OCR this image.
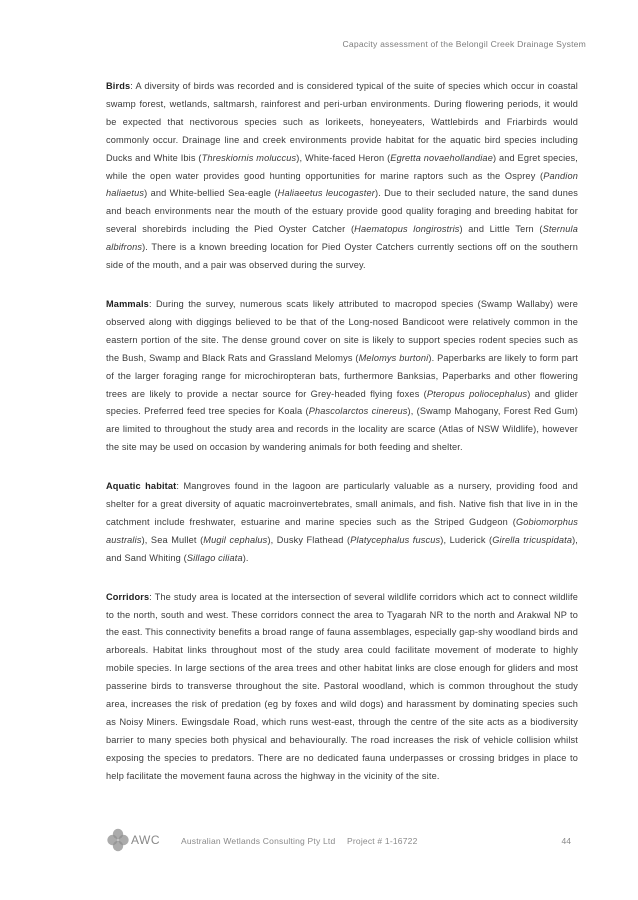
Capacity assessment of the Belongil Creek Drainage System

Birds: A diversity of birds was recorded and is considered typical of the suite of species which occur in coastal swamp forest, wetlands, saltmarsh, rainforest and peri-urban environments. During flowering periods, it would be expected that nectivorous species such as lorikeets, honeyeaters, Wattlebirds and Friarbirds would commonly occur. Drainage line and creek environments provide habitat for the aquatic bird species including Ducks and White Ibis (Threskiornis moluccus), White-faced Heron (Egretta novaehollandiae) and Egret species, while the open water provides good hunting opportunities for marine raptors such as the Osprey (Pandion haliaetus) and White-bellied Sea-eagle (Haliaeetus leucogaster). Due to their secluded nature, the sand dunes and beach environments near the mouth of the estuary provide good quality foraging and breeding habitat for several shorebirds including the Pied Oyster Catcher (Haematopus longirostris) and Little Tern (Sternula albifrons). There is a known breeding location for Pied Oyster Catchers currently sections off on the southern side of the mouth, and a pair was observed during the survey.

Mammals: During the survey, numerous scats likely attributed to macropod species (Swamp Wallaby) were observed along with diggings believed to be that of the Long-nosed Bandicoot were relatively common in the eastern portion of the site. The dense ground cover on site is likely to support species rodent species such as the Bush, Swamp and Black Rats and Grassland Melomys (Melomys burtoni). Paperbarks are likely to form part of the larger foraging range for microchiropteran bats, furthermore Banksias, Paperbarks and other flowering trees are likely to provide a nectar source for Grey-headed flying foxes (Pteropus poliocephalus) and glider species. Preferred feed tree species for Koala (Phascolarctos cinereus), (Swamp Mahogany, Forest Red Gum) are limited to throughout the study area and records in the locality are scarce (Atlas of NSW Wildlife), however the site may be used on occasion by wandering animals for both feeding and shelter.

Aquatic habitat: Mangroves found in the lagoon are particularly valuable as a nursery, providing food and shelter for a great diversity of aquatic macroinvertebrates, small animals, and fish. Native fish that live in in the catchment include freshwater, estuarine and marine species such as the Striped Gudgeon (Gobiomorphus australis), Sea Mullet (Mugil cephalus), Dusky Flathead (Platycephalus fuscus), Luderick (Girella tricuspidata), and Sand Whiting (Sillago ciliata).

Corridors: The study area is located at the intersection of several wildlife corridors which act to connect wildlife to the north, south and west. These corridors connect the area to Tyagarah NR to the north and Arakwal NP to the east. This connectivity benefits a broad range of fauna assemblages, especially gap-shy woodland birds and arboreals. Habitat links throughout most of the study area could facilitate movement of moderate to highly mobile species. In large sections of the area trees and other habitat links are close enough for gliders and most passerine birds to transverse throughout the site. Pastoral woodland, which is common throughout the study area, increases the risk of predation (eg by foxes and wild dogs) and harassment by dominating species such as Noisy Miners. Ewingsdale Road, which runs west-east, through the centre of the site acts as a biodiversity barrier to many species both physical and behaviourally. The road increases the risk of vehicle collision whilst exposing the species to predators. There are no dedicated fauna underpasses or crossing bridges in place to help facilitate the movement fauna across the highway in the vicinity of the site.

AWC Australian Wetlands Consulting Pty Ltd Project # 1-16722	44
